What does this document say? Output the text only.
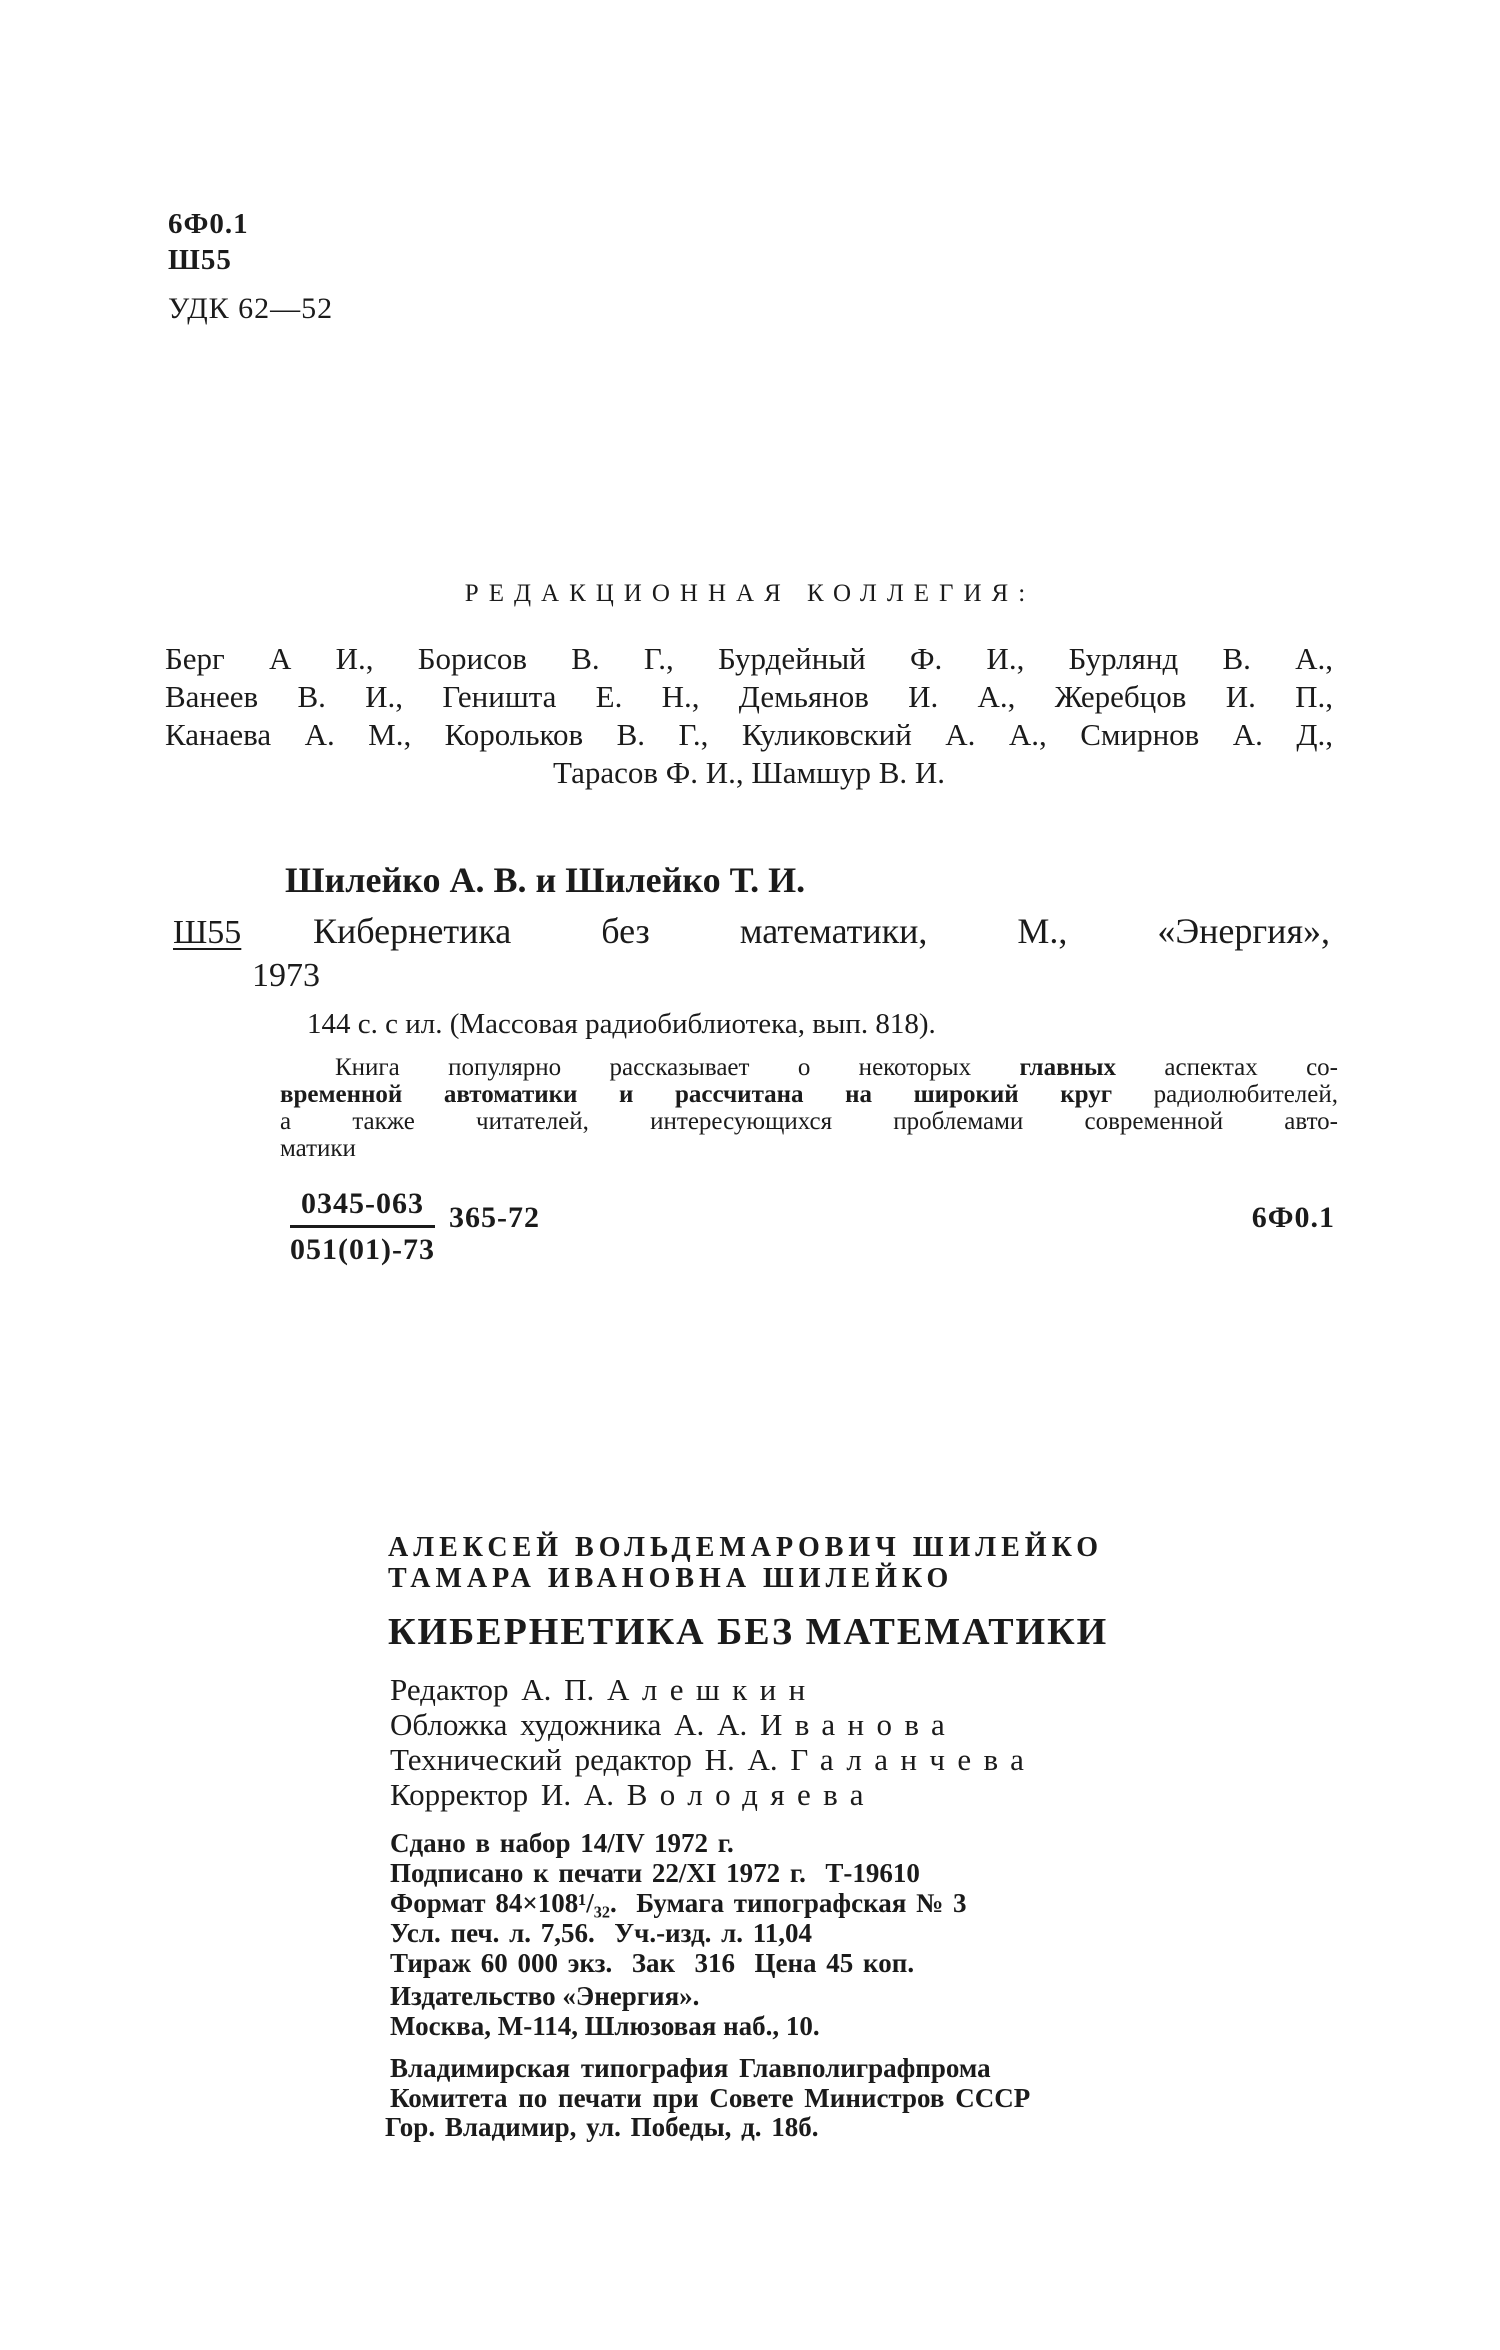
6Ф0.1
Ш55
УДК 62—52
РЕДАКЦИОННАЯ КОЛЛЕГИЯ:
Берг А И., Борисов В. Г., Бурдейный Ф. И., Бурлянд В. А.,
Ванеев В. И., Геништа Е. Н., Демьянов И. А., Жеребцов И. П.,
Канаева А. М., Корольков В. Г., Куликовский А. А., Смирнов А. Д.,
Тарасов Ф. И., Шамшур В. И.
Шилейко А. В. и Шилейко Т. И.
Ш55 Кибернетика без математики, М., «Энергия»,
1973
144 с. с ил. (Массовая радиобиблиотека, вып. 818).
Книга популярно рассказывает о некоторых главных аспектах со-
временной автоматики и рассчитана на широкий круг радиолюбителей,
а также читателей, интересующихся проблемами современной авто-
матики
$\frac{0345-063}{051(01)-73} 365-72$	6Ф0.1
АЛЕКСЕЙ ВОЛЬДЕМАРОВИЧ ШИЛЕЙКО
ТАМАРА ИВАНОВНА ШИЛЕЙКО
КИБЕРНЕТИКА БЕЗ МАТЕМАТИКИ
Редактор А. П. Алешкин
Обложка художника А. А. Иванова
Технический редактор Н. А. Галанчева
Корректор И. А. Володяева
Сдано в набор 14/IV 1972 г.
Подписано к печати 22/XI 1972 г.  Т-19610
Формат 84×108¹/₃₂.  Бумага типографская № 3
Усл. печ. л. 7,56.  Уч.-изд. л. 11,04
Тираж 60 000 экз.  Зак  316  Цена 45 коп.
Издательство «Энергия».
Москва, М-114, Шлюзовая наб., 10.
Владимирская типография Главполиграфпрома
Комитета по печати при Совете Министров СССР
Гор. Владимир, ул. Победы, д. 18б.
